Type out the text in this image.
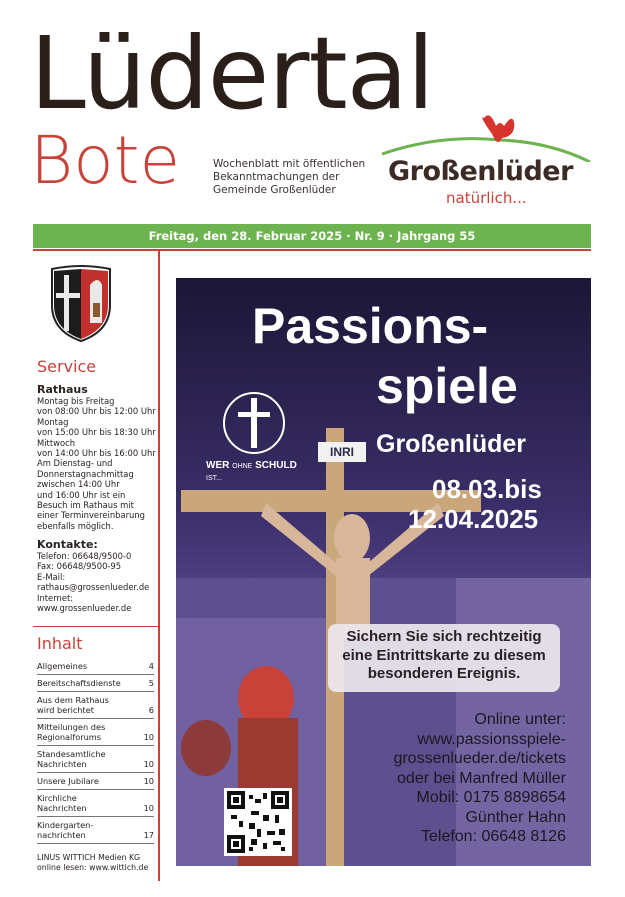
Lüdertal
Bote	Wochenblatt mit öffentlichen
Bekanntmachungen der
Gemeinde Großenlüder
Großenlüder
natürlich...
Freitag, den 28. Februar 2025 · Nr. 9 · Jahrgang 55
Service

Rathaus

Montag bis Freitag

von 08:00 Uhr bis 12:00 Uhr

Montag

von 15:00 Uhr bis 18:30 Uhr

Mittwoch

von 14:00 Uhr bis 16:00 Uhr

Am Dienstag- und

Donnerstagnachmittag

zwischen 14:00 Uhr

und 16:00 Uhr ist ein

Besuch im Rathaus mit

einer Terminvereinbarung

ebenfalls möglich.

Kontakte:

Telefon: 06648/9500-0

Fax: 06648/9500-95

E-Mail:

rathaus@grossenlueder.de

Internet:

www.grossenlueder.de

Inhalt
Allgemeines	4
Bereitschaftsdienste	5
Aus dem Rathaus wird berichtet	6
Mitteilungen des Regionalforums	10
Standesamtliche Nachrichten	10
Unsere Jubilare	10
Kirchliche Nachrichten	10
Kindergarten-nachrichten	17
LINUS WITTICH Medien KG
online lesen: www.wittich.de
WER OHNE SCHULD
IST...
INRI
Passions-
spiele
Großenlüder
08.03.bis
12.04.2025
Sichern Sie sich rechtzeitig
eine Eintrittskarte zu diesem
besonderen Ereignis.
Online unter:
www.passionsspiele-
grossenlueder.de/tickets
oder bei Manfred Müller
Mobil: 0175 8898654
Günther Hahn
Telefon: 06648 8126
